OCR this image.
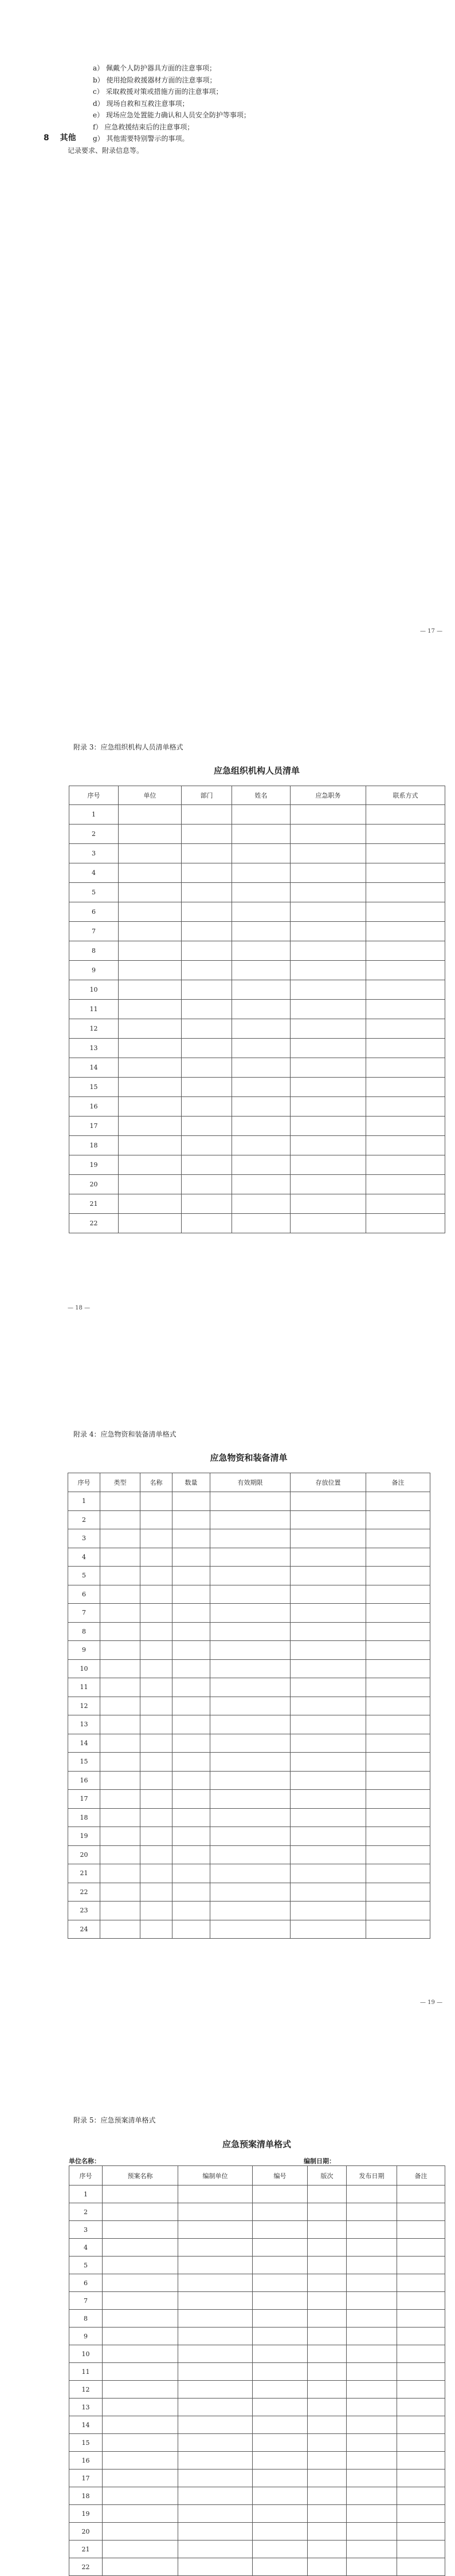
a） 佩戴个人防护器具方面的注意事项；
b） 使用抢险救援器材方面的注意事项；
c） 采取救援对策或措施方面的注意事项；
d） 现场自救和互救注意事项；
e） 现场应急处置能力确认和人员安全防护等事项；
f） 应急救援结束后的注意事项；
g） 其他需要特别警示的事项。
8 其他
记录要求、附录信息等。
— 17 —
附录 3：应急组织机构人员清单格式
应急组织机构人员清单
序号	单位	部门	姓名	应急职务	联系方式
1					
2					
3					
4					
5					
6					
7					
8					
9					
10					
11					
12					
13					
14					
15					
16					
17					
18					
19					
20					
21					
22					
— 18 —
附录 4：应急物资和装备清单格式
应急物资和装备清单
序号	类型	名称	数量	有效期限	存放位置	备注
1						
2						
3						
4						
5						
6						
7						
8						
9						
10						
11						
12						
13						
14						
15						
16						
17						
18						
19						
20						
21						
22						
23						
24						
— 19 —
附录 5：应急预案清单格式
应急预案清单格式
单位名称：	编制日期：
序号	预案名称	编制单位	编号	版次	发布日期	备注
1						
2						
3						
4						
5						
6						
7						
8						
9						
10						
11						
12						
13						
14						
15						
16						
17						
18						
19						
20						
21						
22						
